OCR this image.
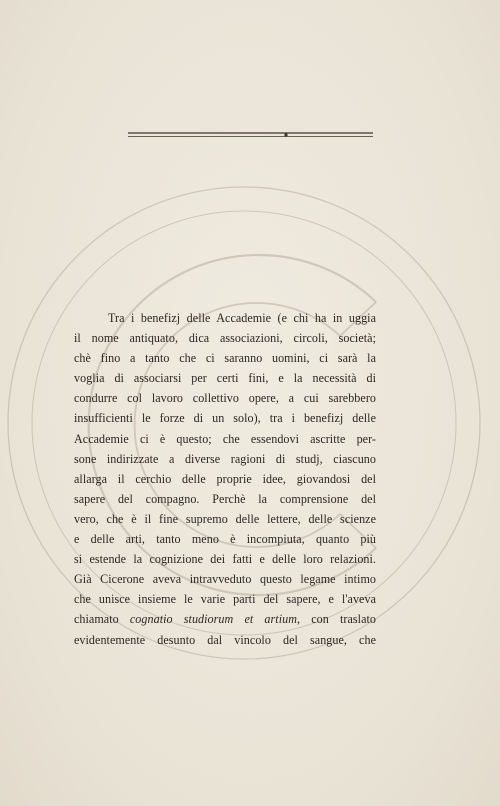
Tra i benefizj delle Accademie (e chi ha in uggia
il nome antiquato, dica associazioni, circoli, società;
chè fino a tanto che ci saranno uomini, ci sarà la
voglia di associarsi per certi fini, e la necessità di
condurre col lavoro collettivo opere, a cui sarebbero
insufficienti le forze di un solo), tra i benefizj delle
Accademie ci è questo; che essendovi ascritte per-
sone indirizzate a diverse ragioni di studj, ciascuno
allarga il cerchio delle proprie idee, giovandosi del
sapere del compagno. Perchè la comprensione del
vero, che è il fine supremo delle lettere, delle scienze
e delle arti, tanto meno è incompiuta, quanto più
si estende la cognizione dei fatti e delle loro relazioni.
Già Cicerone aveva intravveduto questo legame intimo
che unisce insieme le varie parti del sapere, e l'aveva
chiamato cognatio studiorum et artium, con traslato
evidentemente desunto dal vincolo del sangue, che
